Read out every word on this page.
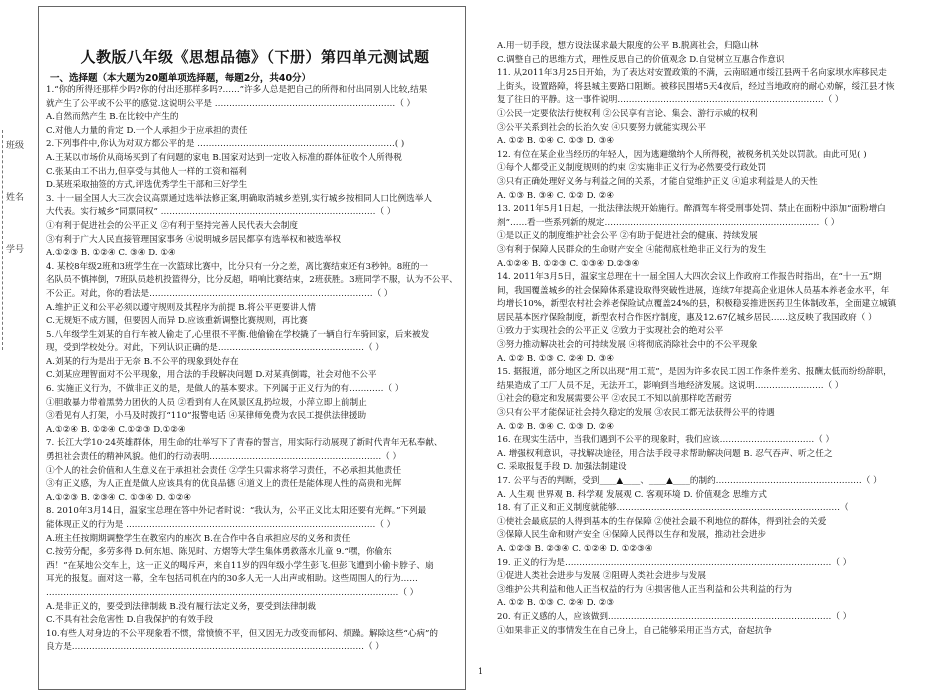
班级
姓名
学号
人教版八年级《思想品德》（下册）第四单元测试题
一、选择题（本大题为20题单项选择题，每题2分，共40分）
1.“你的所得还那样少吗?你的付出还那样多吗?……”许多人总是把自己的所得和付出同别人比较,结果
就产生了公平或不公平的感觉.这说明公平是 ………………………………………………………（ ）
A.自然而然产生 B.在比较中产生的
C.对他人力量的肯定 D.一个人承担少于应承担的责任
2.下列事件中,你认为对双方都公平的是 ……………………………………………………………( )
A.王某以市场价从商场买到了有问题的家电 B.国家对达到一定收入标准的群体征收个人所得税
C.张某由工不出力,但享受与其他人一样的工资和福利
D.某班采取抽签的方式,评选优秀学生干部和三好学生
3. 十一届全国人大三次会议高票通过选举法修正案,明确取消城乡差别,实行城乡按相同人口比例选举人
大代表。实行城乡“同票同权” …………………………………………………………………（ ）
①有利于促进社会的公平正义 ②有利于坚持完善人民代表大会制度
③有利于广大人民直接管理国家事务 ④说明城乡居民都享有选举权和被选举权
A.①②③ B. ①②④ C. ③④ D. ①④
4. 某校8年级2班和3班学生在一次篮球比赛中，比分只有一分之差，离比赛结束还有3秒钟。8班的一
名队员不慎摔倒，7班队员趁机投篮得分，比分反超，哨响比赛结束，2班获胜。3班同学不服，认为不公平、
不公正。对此，你的看法是……………………………………………………………………（ ）
A.维护正义和公平必须以遵守规则及其程序为前提 B.将公平更要讲人情
C.无规矩不成方圆，但要因人而异 D.应该重新调整比赛规则，再比赛
5.八年级学生刘某的自行车被人偷走了,心里很不平衡.他偷偷在学校撬了一辆自行车骑回家，后来被发
现，受到学校处分。对此，下列认识正确的是……………………………………………（ ）
A.刘某的行为是出于无奈 B.不公平的现象到处存在
C.刘某应理智面对不公平现象，用合法的手段解决问题 D.对某真倒霉，社会对他不公平
6. 实施正义行为，不做非正义的是，是做人的基本要求。下列属于正义行为的有…………（ ）
①胆敢暴力带着黑势力团伙的人员 ②看到有人在风景区乱扔垃圾，小萍立即上前制止
③看见有人打架，小马及时拨打“110”报警电话 ④某律师免费为农民工提供法律援助
A.①②④ B. ①②④ C.①②③ D.①②④
7. 长江大学10·24英雄群体，用生命的壮举写下了青春的誓言，用实际行动展现了新时代青年无私奉献、
勇担社会责任的精神风貌。他们的行动表明……………………………………………………（ ）
①个人的社会价值和人生意义在于承担社会责任 ②学生只需求将学习责任，不必承担其他责任
③有正义感，为人正直是做人应该具有的优良品德 ④道义上的责任是能体现人性的高贵和光辉
A.①②③ B. ②③④ C. ①③④ D. ①②④
8. 2010年3月14日，温家宝总理在答中外记者时说：“我认为，公平正义比太阳还要有光辉。”下列最
能体现正义的行为是 ……………………………………………………………………………（ ）
A.班主任按期期调整学生在教室内的座次 B.在合作中各自承担应尽的义务和责任
C.按劳分配，多劳多得 D.何东旭、陈见时、方熠等大学生集体勇救落水儿童 9.“嘿，你偷东
西！”在某地公交车上，这一正义的喝斥声，来自11岁的四年级小学生彭飞.但彭飞遭到小偷卡脖子、扇
耳光的报复。面对这一幕，全车包括司机在内的30多人无一人出声或相助。这些周围人的行为……
……………………………………………………………………………………………………………（ ）
A.是非正义的，要受到法律制裁 B.没有履行法定义务，要受到法律制裁
C.不具有社会危害性 D.自我保护的有效手段
10.有些人对身边的不公平现象看不惯，常愤愤不平，但又因无力改变而郁闷、烦躁。解除这些“心病”的
良方是…………………………………………………………………………………………（ ）
A.用一切手段，想方设法谋求最大限度的公平 B.脱离社会，归隐山林
C.调整自己的思维方式，理性反思自己的价值观念 D.自觉树立互惠合作意识
11. 从2011年3月25日开始，为了表达对安置政策的不满，云南昭通市绥江县两千名向家坝水库移民走
上街头，设置路障，将县城主要路口阻断。被移民围堵5天4夜后，经过当地政府的耐心劝解，绥江县才恢
复了往日的平静。这一事件说明………………………………………………………………（ ）
①公民一定要依法行使权利 ②公民享有言论、集会、游行示威的权利
③公平关系到社会的长治久安 ④只要努力就能实现公平
A. ①② B. ①④ C. ①③ D. ③④
12. 有位在某企业当经历的年轻人，因为逃避缴纳个人所得税，被税务机关处以罚款。由此可见( )
①每个人都受正义制度规则的约束 ②实施非正义行为必然要受行政处罚
③只有正确处理好义务与利益之间的关系，才能自觉维护正义 ④追求利益是人的天性
A. ①③ B. ③④ C. ①② D. ②④
13. 2011年5月1日起，一批法律法规开始施行。醉酒驾车将受刑事处罚、禁止在面粉中添加“面粉增白
剂”……看一些系列新的规定…………………………………………………………………（ ）
①是以正义的制度维护社会公平 ②有助于促进社会的健康、持续发展
③有利于保障人民群众的生命财产安全 ④能彻底杜绝非正义行为的发生
A.①②④ B. ①②③ C. ①③④ D.②③④
14. 2011年3月5日，温家宝总理在十一届全国人大四次会议上作政府工作报告时指出，在“十一五”期
间，我国覆盖城乡的社会保障体系建设取得突破性进展，连续7年提高企业退休人员基本养老金水平，年
均增长10%，新型农村社会养老保险试点覆盖24%的县，积极稳妥推进医药卫生体制改革，全面建立城镇
居民基本医疗保险制度，新型农村合作医疗制度，惠及12.67亿城乡居民……这反映了我国政府（ ）
①致力于实现社会的公平正义 ②致力于实现社会的绝对公平
③努力推动解决社会的可持续发展 ④将彻底消除社会中的不公平现象
A. ①② B. ①③ C. ②④ D. ③④
15. 据报道，部分地区之所以出现“用工荒”，是因为许多农民工因工作条件差劣、报酬太低而纷纷辞职，
结果造成了工厂人员不足，无法开工，影响到当地经济发展。这说明……………………（ ）
①社会的稳定和发展需要公平 ②农民工不知以前那样吃苦耐劳
③只有公平才能保证社会持久稳定的发展 ③农民工都无法获得公平的待遇
A. ①② B. ③④ C. ①③ D. ②④
16. 在现实生活中，当我们遇到不公平的现象时，我们应该……………………………（ ）
A. 增强权利意识，寻找解决途径，用合法手段寻求帮助解决问题 B. 忍气吞声、听之任之
C. 采取报复手段 D. 加强法制建设
17. 公平与否的判断，受到____▲____、____▲____的制约……………………………………………（ ）
A. 人生观 世界观 B. 科学观 发展观 C. 客观环境 D. 价值观念 思维方式
18. 有了正义和正义制度就能够……………………………………………………………………（
①使社会最底层的人得到基本的生存保障 ②使社会最不利地位的群体，得到社会的关爱
③保障人民生命和财产安全 ④保障人民得以生存和发展，推动社会进步
A. ①②③ B. ②③④ C. ①②④ D. ①②③④
19. 正义的行为是…………………………………………………………………………………（ ）
①促进人类社会进步与发展 ②阻碍人类社会进步与发展
③维护公共利益和他人正当权益的行为 ④损害他人正当利益和公共利益的行为
A. ①② B. ①③ C. ②④ D. ②③
20. 有正义感的人，应该做到……………………………………………………………………（ ）
①如果非正义的事情发生在自己身上，自己能够采用正当方式，奋起抗争
1
